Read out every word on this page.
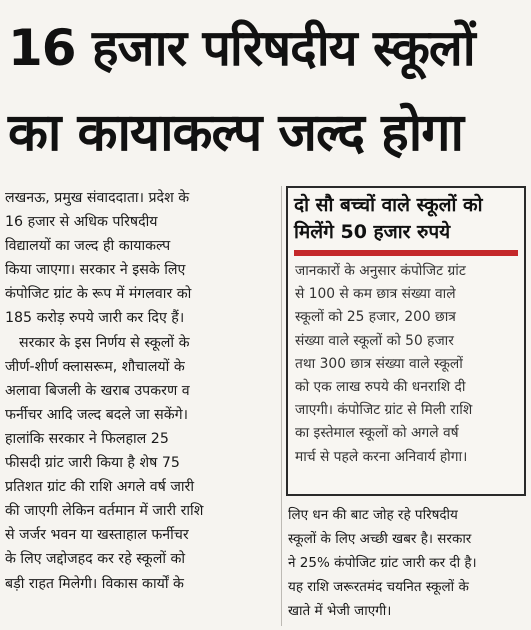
16 हजार परिषदीय स्कूलों
का कायाकल्प जल्द होगा
लखनऊ, प्रमुख संवाददाता। प्रदेश के
16 हजार से अधिक परिषदीय
विद्यालयों का जल्द ही कायाकल्प
किया जाएगा। सरकार ने इसके लिए
कंपोजिट ग्रांट के रूप में मंगलवार को
185 करोड़ रुपये जारी कर दिए हैं।
सरकार के इस निर्णय से स्कूलों के
जीर्ण-शीर्ण क्लासरूम, शौचालयों के
अलावा बिजली के खराब उपकरण व
फर्नीचर आदि जल्द बदले जा सकेंगे।
हालांकि सरकार ने फिलहाल 25
फीसदी ग्रांट जारी किया है शेष 75
प्रतिशत ग्रांट की राशि अगले वर्ष जारी
की जाएगी लेकिन वर्तमान में जारी राशि
से जर्जर भवन या खस्ताहाल फर्नीचर
के लिए जद्दोजहद कर रहे स्कूलों को
बड़ी राहत मिलेगी। विकास कार्यों के
दो सौ बच्चों वाले स्कूलों को
मिलेंगे 50 हजार रुपये
जानकारों के अनुसार कंपोजिट ग्रांट
से 100 से कम छात्र संख्या वाले
स्कूलों को 25 हजार, 200 छात्र
संख्या वाले स्कूलों को 50 हजार
तथा 300 छात्र संख्या वाले स्कूलों
को एक लाख रुपये की धनराशि दी
जाएगी। कंपोजिट ग्रांट से मिली राशि
का इस्तेमाल स्कूलों को अगले वर्ष
मार्च से पहले करना अनिवार्य होगा।
लिए धन की बाट जोह रहे परिषदीय
स्कूलों के लिए अच्छी खबर है। सरकार
ने 25% कंपोजिट ग्रांट जारी कर दी है।
यह राशि जरूरतमंद चयनित स्कूलों के
खाते में भेजी जाएगी।
